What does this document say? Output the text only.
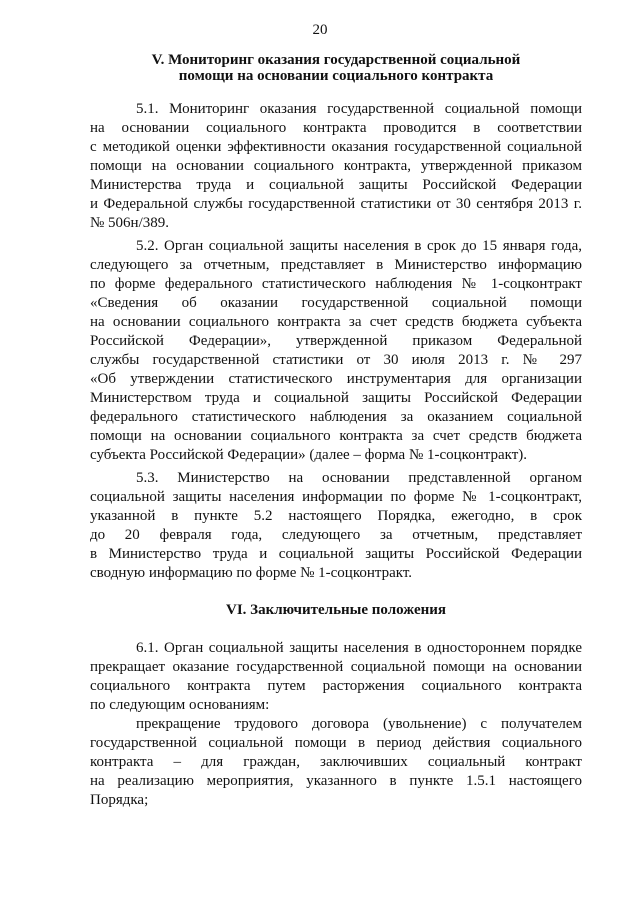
20
V. Мониторинг оказания государственной социальной
помощи на основании социального контракта
5.1. Мониторинг оказания государственной социальной помощи
на основании социального контракта проводится в соответствии
с методикой оценки эффективности оказания государственной социальной
помощи на основании социального контракта, утвержденной приказом
Министерства труда и социальной защиты Российской Федерации
и Федеральной службы государственной статистики от 30 сентября 2013 г.
№ 506н/389.
5.2. Орган социальной защиты населения в срок до 15 января года,
следующего за отчетным, представляет в Министерство информацию
по форме федерального статистического наблюдения № 1-соцконтракт
«Сведения об оказании государственной социальной помощи
на основании социального контракта за счет средств бюджета субъекта
Российской Федерации», утвержденной приказом Федеральной
службы государственной статистики от 30 июля 2013 г. № 297
«Об утверждении статистического инструментария для организации
Министерством труда и социальной защиты Российской Федерации
федерального статистического наблюдения за оказанием социальной
помощи на основании социального контракта за счет средств бюджета
субъекта Российской Федерации» (далее – форма № 1-соцконтракт).
5.3. Министерство на основании представленной органом
социальной защиты населения информации по форме № 1-соцконтракт,
указанной в пункте 5.2 настоящего Порядка, ежегодно, в срок
до 20 февраля года, следующего за отчетным, представляет
в Министерство труда и социальной защиты Российской Федерации
сводную информацию по форме № 1-соцконтракт.
VI. Заключительные положения
6.1. Орган социальной защиты населения в одностороннем порядке
прекращает оказание государственной социальной помощи на основании
социального контракта путем расторжения социального контракта
по следующим основаниям:
прекращение трудового договора (увольнение) с получателем
государственной социальной помощи в период действия социального
контракта – для граждан, заключивших социальный контракт
на реализацию мероприятия, указанного в пункте 1.5.1 настоящего
Порядка;
